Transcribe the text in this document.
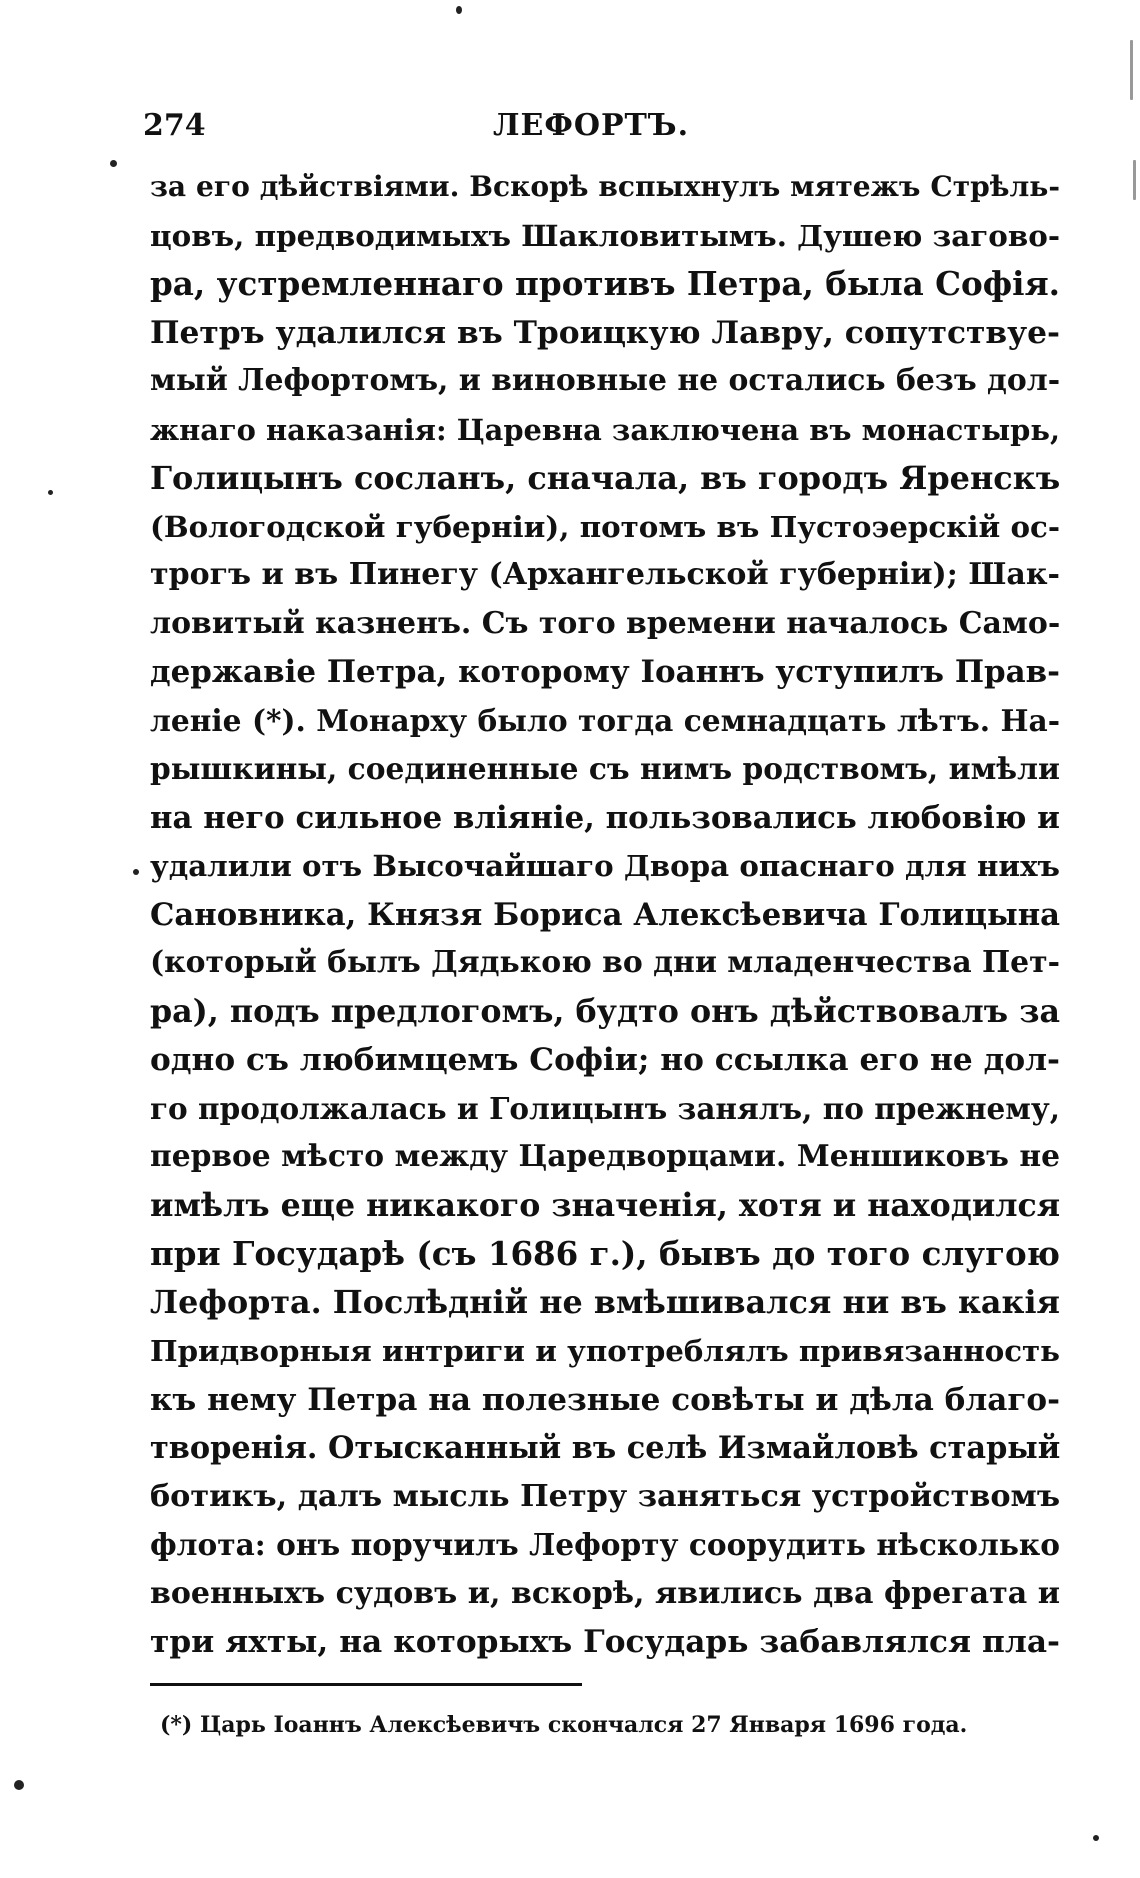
274	ЛЕФОРТЪ.
за его дѣйствіями. Вскорѣ вспыхнулъ мятежъ Стрѣль-
цовъ, предводимыхъ Шакловитымъ. Душею загово-
ра, устремленнаго противъ Петра, была Софія.
Петръ удалился въ Троицкую Лавру, сопутствуе-
мый Лефортомъ, и виновные не остались безъ дол-
жнаго наказанія: Царевна заключена въ монастырь,
Голицынъ сосланъ, сначала, въ городъ Яренскъ
(Вологодской губерніи), потомъ въ Пустоэерскій ос-
трогъ и въ Пинегу (Архангельской губерніи); Шак-
ловитый казненъ. Съ того времени началось Само-
державіе Петра, которому Іоаннъ уступилъ Прав-
леніе (*). Монарху было тогда семнадцать лѣтъ. На-
рышкины, соединенные съ нимъ родствомъ, имѣли
на него сильное вліяніе, пользовались любовію и
удалили отъ Высочайшаго Двора опаснаго для нихъ
Сановника, Князя Бориса Алексѣевича Голицына
(который былъ Дядькою во дни младенчества Пет-
ра), подъ предлогомъ, будто онъ дѣйствовалъ за
одно съ любимцемъ Софіи; но ссылка его не дол-
го продолжалась и Голицынъ занялъ, по прежнему,
первое мѣсто между Царедворцами. Меншиковъ не
имѣлъ еще никакого значенія, хотя и находился
при Государѣ (съ 1686 г.), бывъ до того слугою
Лефорта. Послѣдній не вмѣшивался ни въ какія
Придворныя интриги и употреблялъ привязанность
къ нему Петра на полезные совѣты и дѣла благо-
творенія. Отысканный въ селѣ Измайловѣ старый
ботикъ, далъ мысль Петру заняться устройствомъ
флота: онъ поручилъ Лефорту соорудить нѣсколько
военныхъ судовъ и, вскорѣ, явились два фрегата и
три яхты, на которыхъ Государь забавлялся пла-
(*) Царь Іоаннъ Алексѣевичъ скончался 27 Января 1696 года.
